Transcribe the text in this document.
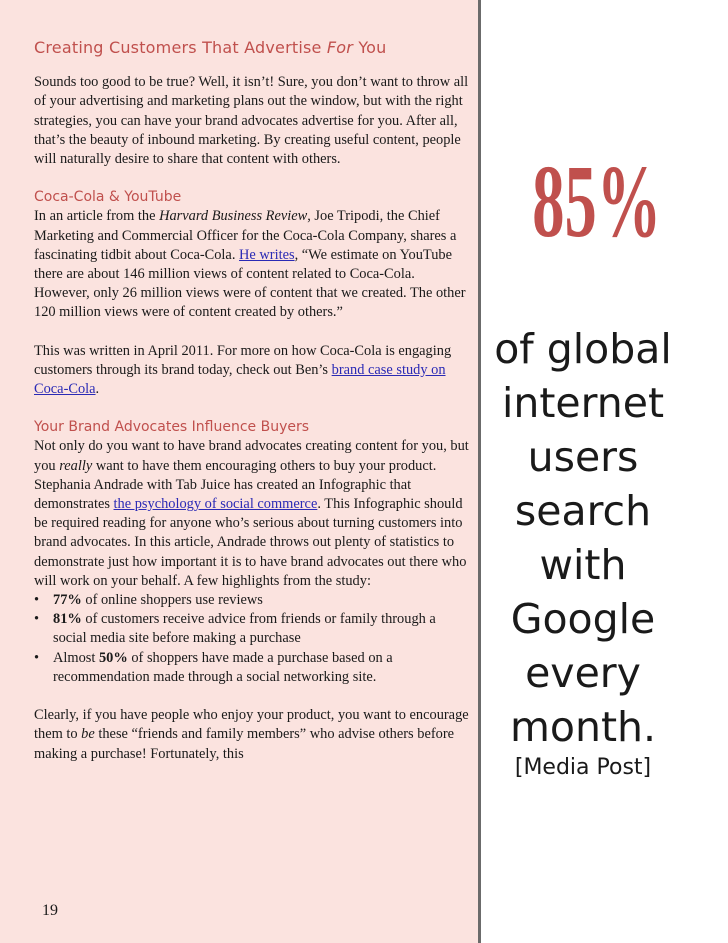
Creating Customers That Advertise For You

Sounds too good to be true? Well, it isn’t! Sure, you don’t want to throw all of your advertising and marketing plans out the window, but with the right strategies, you can have your brand advocates advertise for you. After all, that’s the beauty of inbound marketing. By creating useful content, people will naturally desire to share that content with others.

Coca-Cola & YouTube

In an article from the Harvard Business Review, Joe Tripodi, the Chief Marketing and Commercial Officer for the Coca-Cola Company, shares a fascinating tidbit about Coca-Cola. He writes, “We estimate on YouTube there are about 146 million views of content related to Coca-Cola. However, only 26 million views were of content that we created. The other 120 million views were of content created by others.”

This was written in April 2011. For more on how Coca-Cola is engaging customers through its brand today, check out Ben’s brand case study on Coca-Cola.

Your Brand Advocates Influence Buyers

Not only do you want to have brand advocates creating content for you, but you really want to have them encouraging others to buy your product. Stephania Andrade with Tab Juice has created an Infographic that demonstrates the psychology of social commerce. This Infographic should be required reading for anyone who’s serious about turning customers into brand advocates. In this article, Andrade throws out plenty of statistics to demonstrate just how important it is to have brand advocates out there who will work on your behalf. A few highlights from the study:

• 77% of online shoppers use reviews
• 81% of customers receive advice from friends or family through a social media site before making a purchase
• Almost 50% of shoppers have made a purchase based on a recommendation made through a social networking site.

Clearly, if you have people who enjoy your product, you want to encourage them to be these “friends and family members” who advise others before making a purchase! Fortunately, this

19
85%

of global internet users search with Google every month.

[Media Post]
